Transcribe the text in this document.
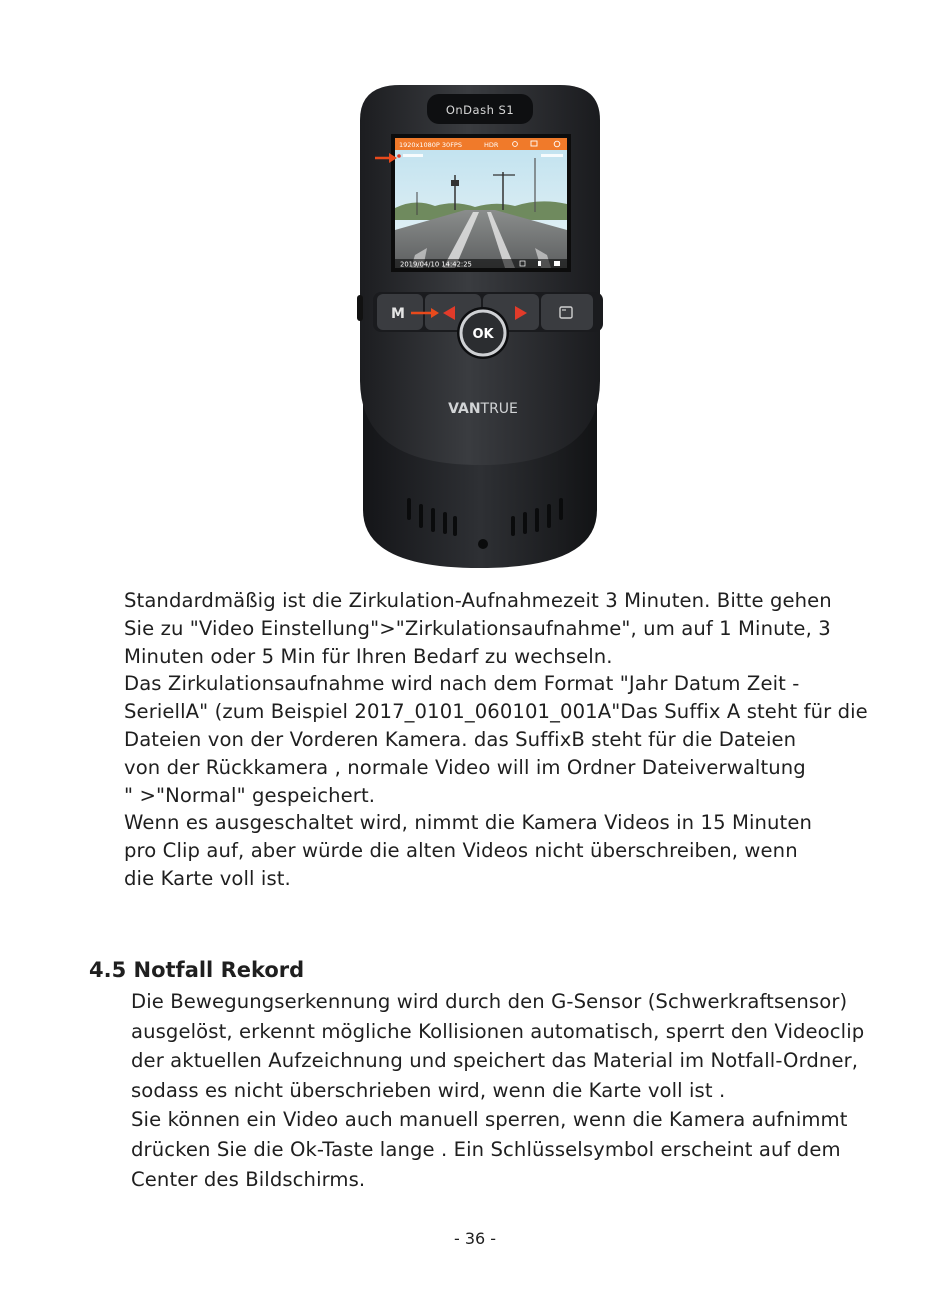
OnDash S1
1920x1080P 30FPS	HDR
2019/04/10 14:42:25
M
OK
VANTRUE
Standardmäßig ist die Zirkulation-Aufnahmezeit 3 Minuten. Bitte gehen
Sie zu "Video Einstellung">"Zirkulationsaufnahme", um auf 1 Minute, 3
Minuten oder 5 Min für Ihren Bedarf zu wechseln.
Das Zirkulationsaufnahme wird nach dem Format "Jahr Datum Zeit -
SeriellA" (zum Beispiel 2017_0101_060101_001A"Das Suffix A steht für die
Dateien von der Vorderen Kamera. das SuffixB steht für die Dateien
von der Rückkamera , normale Video will im Ordner Dateiverwaltung
" >"Normal" gespeichert.
Wenn es ausgeschaltet wird, nimmt die Kamera Videos in 15 Minuten
pro Clip auf, aber würde die alten Videos nicht überschreiben, wenn
die Karte voll ist.
4.5 Notfall Rekord
Die Bewegungserkennung wird durch den G-Sensor (Schwerkraftsensor)
ausgelöst, erkennt mögliche Kollisionen automatisch, sperrt den Videoclip
der aktuellen Aufzeichnung und speichert das Material im Notfall-Ordner,
sodass es nicht überschrieben wird, wenn die Karte voll ist .
Sie können ein Video auch manuell sperren, wenn die Kamera aufnimmt
drücken Sie die Ok-Taste lange . Ein Schlüsselsymbol erscheint auf dem
Center des Bildschirms.
- 36 -
